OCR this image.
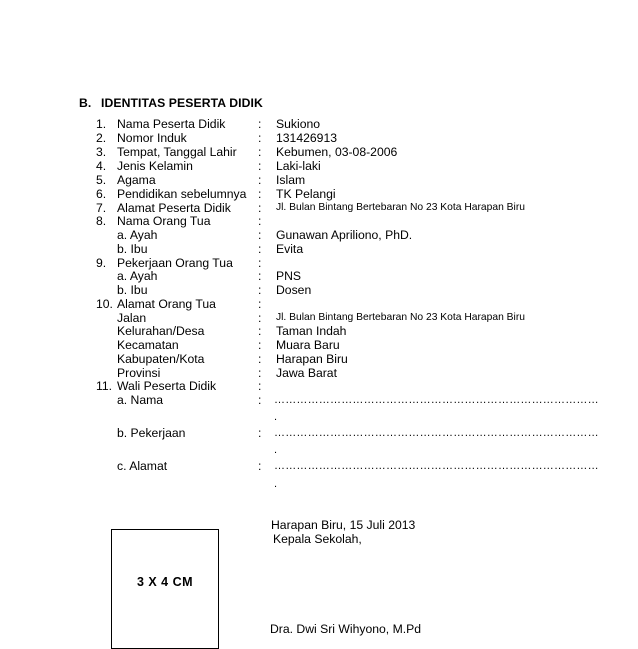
B. IDENTITAS PESERTA DIDIK
1. Nama Peserta Didik	: Sukiono
2. Nomor Induk	: 131426913
3. Tempat, Tanggal Lahir : Kebumen, 03-08-2006
4. Jenis Kelamin	: Laki-laki
5. Agama	: Islam
6. Pendidikan sebelumnya : TK Pelangi
7. Alamat Peserta Didik : Jl. Bulan Bintang Bertebaran No 23 Kota Harapan Biru
8. Nama Orang Tua	:
a. Ayah	: Gunawan Apriliono, PhD.
b. Ibu	: Evita
9. Pekerjaan Orang Tua :
a. Ayah	: PNS
b. Ibu	: Dosen
10. Alamat Orang Tua	:
Jalan	: Jl. Bulan Bintang Bertebaran No 23 Kota Harapan Biru
Kelurahan/Desa	: Taman Indah
Kecamatan	: Muara Baru
Kabupaten/Kota	: Harapan Biru
Provinsi	: Jawa Barat
11. Wali Peserta Didik	:
a. Nama	: ……………………………………………………………………………
.
b. Pekerjaan	: ……………………………………………………………………………
.
c. Alamat	: ……………………………………………………………………………
.
Harapan Biru, 15 Juli 2013
Kepala Sekolah,
Dra. Dwi Sri Wihyono, M.Pd
3 X 4 CM
